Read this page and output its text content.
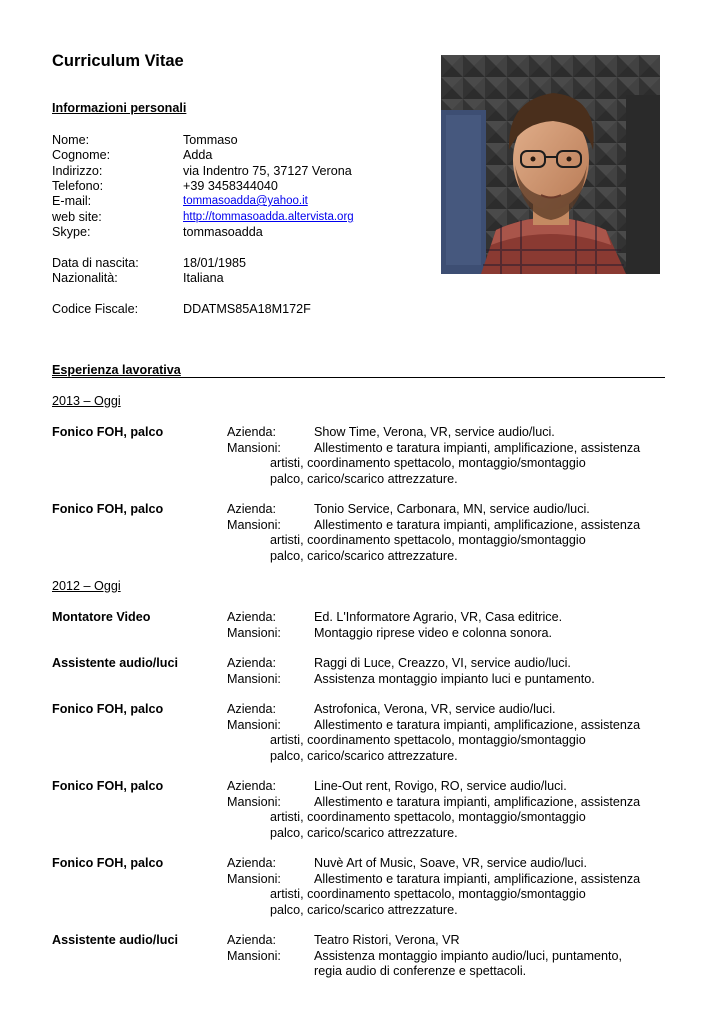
Curriculum Vitae
Informazioni personali
Nome:	Tommaso
Cognome:	Adda
Indirizzo:	via Indentro 75, 37127 Verona
Telefono:	+39 3458344040
E-mail:	tommasoadda@yahoo.it
web site:	http://tommasoadda.altervista.org
Skype:	tommasoadda
Data di nascita:	18/01/1985
Nazionalità:	Italiana
Codice Fiscale:	DDATMS85A18M172F
Esperienza lavorativa
2013 – Oggi
Fonico FOH, palco	Azienda:	Show Time, Verona, VR, service audio/luci.
Mansioni:	Allestimento e taratura impianti, amplificazione, assistenza
artisti, coordinamento spettacolo, montaggio/smontaggio
palco, carico/scarico attrezzature.
Fonico FOH, palco	Azienda:	Tonio Service, Carbonara, MN, service audio/luci.
Mansioni:	Allestimento e taratura impianti, amplificazione, assistenza
artisti, coordinamento spettacolo, montaggio/smontaggio
palco, carico/scarico attrezzature.
2012 – Oggi
Montatore Video	Azienda:	Ed. L'Informatore Agrario, VR, Casa editrice.
Mansioni:	Montaggio riprese video e colonna sonora.
Assistente audio/luci	Azienda:	Raggi di Luce, Creazzo, VI, service audio/luci.
Mansioni:	Assistenza montaggio impianto luci e puntamento.
Fonico FOH, palco	Azienda:	Astrofonica, Verona, VR, service audio/luci.
Mansioni:	Allestimento e taratura impianti, amplificazione, assistenza
artisti, coordinamento spettacolo, montaggio/smontaggio
palco, carico/scarico attrezzature.
Fonico FOH, palco	Azienda:	Line-Out rent, Rovigo, RO, service audio/luci.
Mansioni:	Allestimento e taratura impianti, amplificazione, assistenza
artisti, coordinamento spettacolo, montaggio/smontaggio
palco, carico/scarico attrezzature.
Fonico FOH, palco	Azienda:	Nuvè Art of Music, Soave, VR, service audio/luci.
Mansioni:	Allestimento e taratura impianti, amplificazione, assistenza
artisti, coordinamento spettacolo, montaggio/smontaggio
palco, carico/scarico attrezzature.
Assistente audio/luci	Azienda:	Teatro Ristori, Verona, VR
Mansioni:	Assistenza montaggio impianto audio/luci, puntamento,
regia audio di conferenze e spettacoli.
